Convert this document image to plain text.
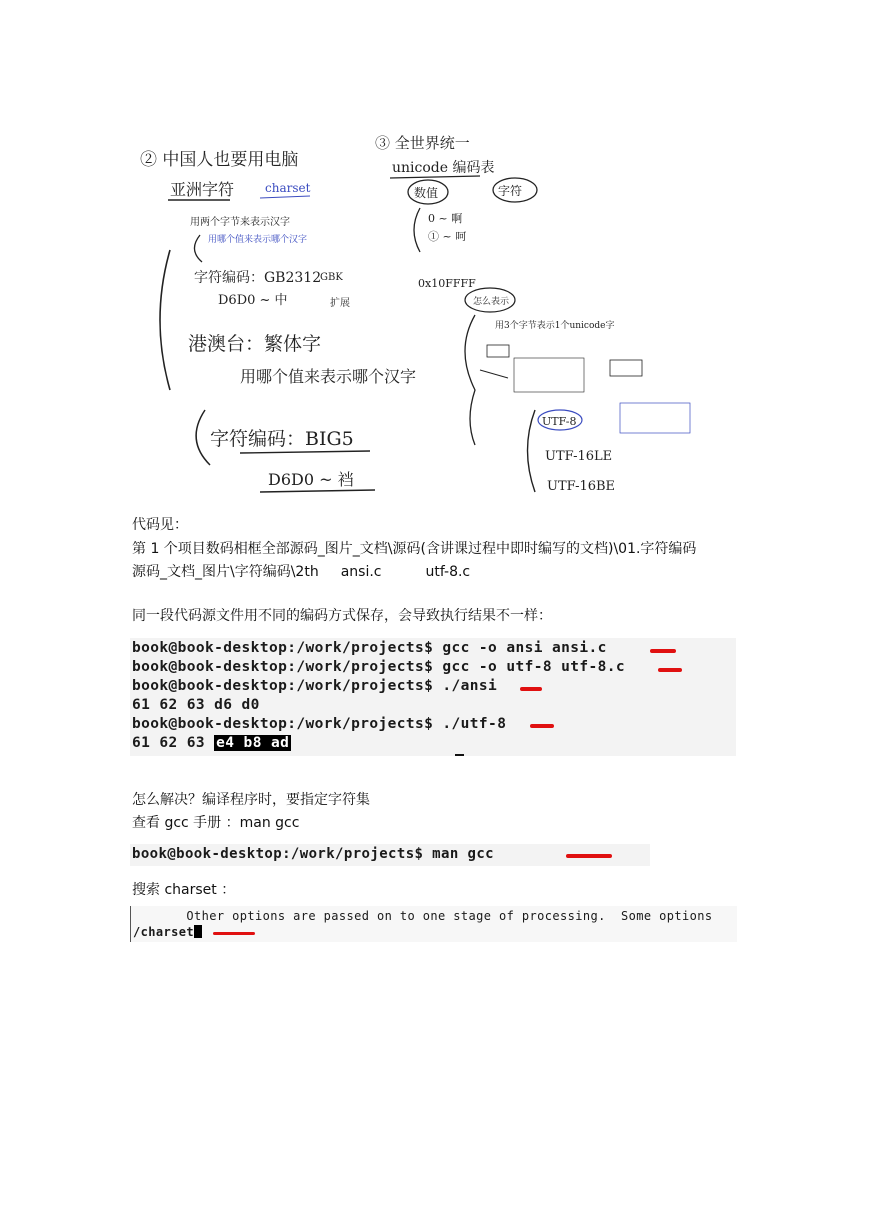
② 中国人也要用电脑
亚洲字符	charset
用两个字节来表示汉字
用哪个值来表示哪个汉字
字符编码：GB2312
GBK
扩展
D6D0 ~ 中
港澳台：繁体字
用哪个值来表示哪个汉字
字符编码：BIG5
D6D0 ~ 裆
③ 全世界统一
unicode 编码表
数值	字符
0 ~ 啊
① ~ 呵
0x10FFFF
怎么表示
用3个字节表示1个unicode字
UTF-8
UTF-16LE
UTF-16BE
代码见：
第 1 个项目数码相框全部源码_图片_文档\源码(含讲课过程中即时编写的文档)\01.字符编码
源码_文档_图片\字符编码\2th ansi.c	utf-8.c
同一段代码源文件用不同的编码方式保存，会导致执行结果不一样：
book@book-desktop:/work/projects$ gcc -o ansi ansi.c
book@book-desktop:/work/projects$ gcc -o utf-8 utf-8.c
book@book-desktop:/work/projects$ ./ansi
61 62 63 d6 d0
book@book-desktop:/work/projects$ ./utf-8
61 62 63 e4 b8 ad
怎么解决？编译程序时，要指定字符集
查看 gcc 手册 ：man gcc
book@book-desktop:/work/projects$ man gcc
搜索 charset ：
Other options are passed on to one stage of processing.  Some options
/charset
